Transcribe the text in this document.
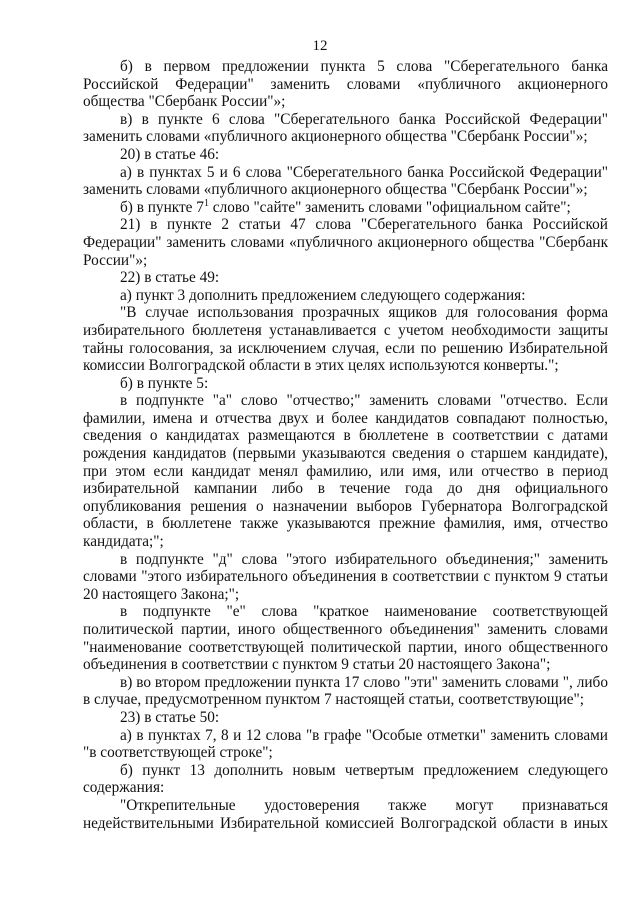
12

б) в первом предложении пункта 5 слова "Сберегательного банка Российской Федерации" заменить словами «публичного акционерного общества "Сбербанк России"»;

в) в пункте 6 слова "Сберегательного банка Российской Федерации" заменить словами «публичного акционерного общества "Сбербанк России"»;

20) в статье 46:

а) в пунктах 5 и 6 слова "Сберегательного банка Российской Федерации" заменить словами «публичного акционерного общества "Сбербанк России"»;

б) в пункте $7^1$ слово "сайте" заменить словами "официальном сайте";

21) в пункте 2 статьи 47 слова "Сберегательного банка Российской Федерации" заменить словами «публичного акционерного общества "Сбербанк России"»;

22) в статье 49:

а) пункт 3 дополнить предложением следующего содержания:

"В случае использования прозрачных ящиков для голосования форма избирательного бюллетеня устанавливается с учетом необходимости защиты тайны голосования, за исключением случая, если по решению Избирательной комиссии Волгоградской области в этих целях используются конверты.";

б) в пункте 5:

в подпункте "а" слово "отчество;" заменить словами "отчество. Если фамилии, имена и отчества двух и более кандидатов совпадают полностью, сведения о кандидатах размещаются в бюллетене в соответствии с датами рождения кандидатов (первыми указываются сведения о старшем кандидате), при этом если кандидат менял фамилию, или имя, или отчество в период избирательной кампании либо в течение года до дня официального опубликования решения о назначении выборов Губернатора Волгоградской области, в бюллетене также указываются прежние фамилия, имя, отчество кандидата;";

в подпункте "д" слова "этого избирательного объединения;" заменить словами "этого избирательного объединения в соответствии с пунктом 9 статьи 20 настоящего Закона;";

в подпункте "е" слова "краткое наименование соответствующей политической партии, иного общественного объединения" заменить словами "наименование соответствующей политической партии, иного общественного объединения в соответствии с пунктом 9 статьи 20 настоящего Закона";

в) во втором предложении пункта 17 слово "эти" заменить словами ", либо в случае, предусмотренном пунктом 7 настоящей статьи, соответствующие";

23) в статье 50:

а) в пунктах 7, 8 и 12 слова "в графе "Особые отметки" заменить словами "в соответствующей строке";

б) пункт 13 дополнить новым четвертым предложением следующего содержания:

"Открепительные удостоверения также могут признаваться недействительными Избирательной комиссией Волгоградской области в иных
